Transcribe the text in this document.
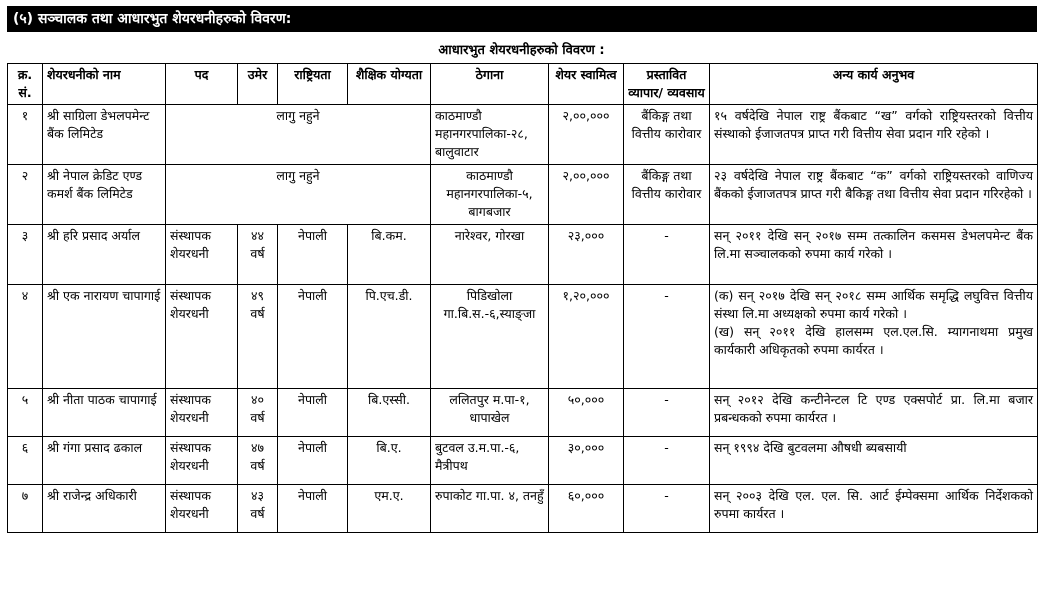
(५) सञ्चालक तथा आधारभुत शेयरधनीहरुको विवरण:
आधारभुत शेयरधनीहरुको विवरण :
क्र. सं.	शेयरधनीको नाम	पद	उमेर	राष्ट्रियता	शैक्षिक योग्यता	ठेगाना	शेयर स्वामित्व	प्रस्तावित व्यापार/ व्यवसाय	अन्य कार्य अनुभव
१	श्री साग्रिला डेभलपमेन्ट बैंक लिमिटेड	लागु नहुने				काठमाण्डौ महानगरपालिका-२८, बालुवाटार	२,००,०००	बैंकिङ्ग तथा वित्तीय कारोवार	१५ वर्षदेखि नेपाल राष्ट्र बैंकबाट “ख” वर्गको राष्ट्रियस्तरको वित्तीय संस्थाको ईजाजतपत्र प्राप्त गरी वित्तीय सेवा प्रदान गरि रहेको ।
२	श्री नेपाल क्रेडिट एण्ड कमर्श बैंक लिमिटेड	लागु नहुने				काठमाण्डौ महानगरपालिका-५, बागबजार	२,००,०००	बैंकिङ्ग तथा वित्तीय कारोवार	२३ वर्षदेखि नेपाल राष्ट्र बैंकबाट “क” वर्गको राष्ट्रियस्तरको वाणिज्य बैंकको ईजाजतपत्र प्राप्त गरी बैकिङ्ग तथा वित्तीय सेवा प्रदान गरिरहेको ।
३	श्री हरि प्रसाद अर्याल	संस्थापक शेयरधनी	४४ वर्ष	नेपाली	बि.कम.	नारेश्वर, गोरखा	२३,०००	-	सन् २०११ देखि सन् २०१७ सम्म तत्कालिन कसमस डेभलपमेन्ट बैंक लि.मा सञ्चालकको रुपमा कार्य गरेको ।
४	श्री एक नारायण चापागाई	संस्थापक शेयरधनी	४९ वर्ष	नेपाली	पि.एच.डी.	पिडिखोला गा.बि.स.-६,स्याङ्जा	१,२०,०००	-	(क) सन् २०१७ देखि सन् २०१८ सम्म आर्थिक समृद्धि लघुवित्त वित्तीय संस्था लि.मा अध्यक्षको रुपमा कार्य गरेको ।
(ख) सन् २०११ देखि हालसम्म एल.एल.सि. म्यागनाथमा प्रमुख कार्यकारी अधिकृतको रुपमा कार्यरत ।

५	श्री नीता पाठक चापागाई	संस्थापक शेयरधनी	४० वर्ष	नेपाली	बि.एस्सी.	ललितपुर म.पा-१, धापाखेल	५०,०००	-	सन् २०१२ देखि कन्टीनेन्टल टि एण्ड एक्सपोर्ट प्रा. लि.मा बजार प्रबन्धकको रुपमा कार्यरत ।
६	श्री गंगा प्रसाद ढकाल	संस्थापक शेयरधनी	४७ वर्ष	नेपाली	बि.ए.	बुटवल उ.म.पा.-६, मैत्रीपथ	३०,०००	-	सन् १९९४ देखि बुटवलमा औषधी ब्यबसायी
७	श्री राजेन्द्र अधिकारी	संस्थापक शेयरधनी	४३ वर्ष	नेपाली	एम.ए.	रुपाकोट गा.पा. ४, तनहुँ	६०,०००	-	सन् २००३ देखि एल. एल. सि. आर्ट ईम्पेक्समा आर्थिक निर्देशकको रुपमा कार्यरत ।
